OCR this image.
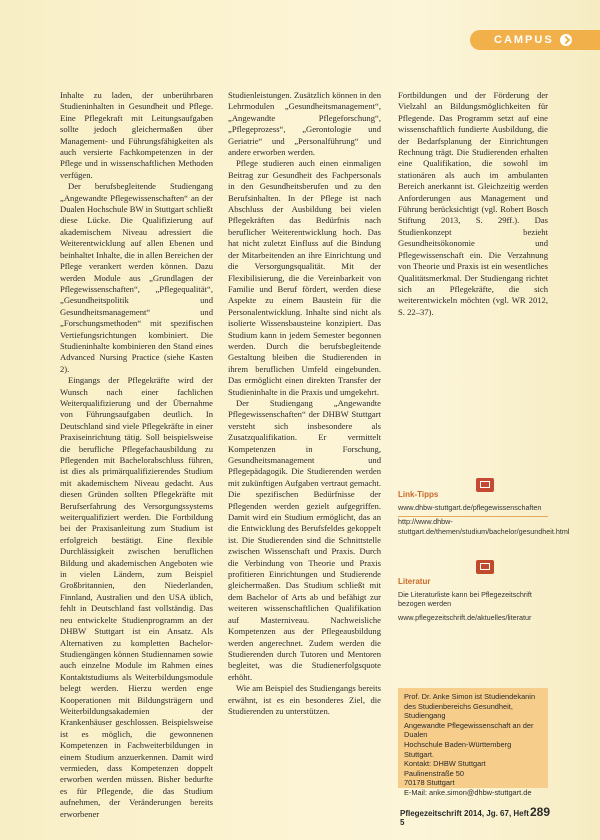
CAMPUS

Inhalte zu laden, der unberührbaren Studieninhalten in Gesundheit und Pflege. Eine Pflegekraft mit Leitungsaufgaben sollte jedoch gleichermaßen über Management- und Führungsfähigkeiten als auch versierte Fachkompetenzen in der Pflege und in wissenschaftlichen Methoden verfügen.

Der berufsbegleitende Studiengang „Angewandte Pflegewissenschaften“ an der Dualen Hochschule BW in Stuttgart schließt diese Lücke. Die Qualifizierung auf akademischem Niveau adressiert die Weiterentwicklung auf allen Ebenen und beinhaltet Inhalte, die in allen Bereichen der Pflege verankert werden können. Dazu werden Module aus „Grundlagen der Pflegewissenschaften“, „Pflegequalität“, „Gesundheitspolitik und Gesundheitsmanagement“ und „Forschungsmethoden“ mit spezifischen Vertiefungsrichtungen kombiniert. Die Studieninhalte kombinieren den Stand eines Advanced Nursing Practice (siehe Kasten 2).

Eingangs der Pflegekräfte wird der Wunsch nach einer fachlichen Weiterqualifizierung und der Übernahme von Führungsaufgaben deutlich. In Deutschland sind viele Pflegekräfte in einer Praxiseinrichtung tätig. Soll beispielsweise die berufliche Pflegefachausbildung zu Pflegenden mit Bachelorabschluss führen, ist dies als primärqualifizierendes Studium mit akademischem Niveau gedacht. Aus diesen Gründen sollten Pflegekräfte mit Berufserfahrung des Versorgungssystems weiterqualifiziert werden. Die Fortbildung bei der Praxisanleitung zum Studium ist erfolgreich bestätigt. Eine flexible Durchlässigkeit zwischen beruflichen Bildung und akademischen Angeboten wie in vielen Ländern, zum Beispiel Großbritannien, den Niederlanden, Finnland, Australien und den USA üblich, fehlt in Deutschland fast vollständig. Das neu entwickelte Studienprogramm an der DHBW Stuttgart ist ein Ansatz. Als Alternativen zu kompletten Bachelor-Studiengängen können Studiennamen sowie auch einzelne Module im Rahmen eines Kontaktstudiums als Weiterbildungsmodule belegt werden. Hierzu werden enge Kooperationen mit Bildungsträgern und Weiterbildungsakademien der Krankenhäuser geschlossen. Beispielsweise ist es möglich, die gewonnenen Kompetenzen in Fachweiterbildungen in einem Studium anzuerkennen. Damit wird vermieden, dass Kompetenzen doppelt erworben werden müssen. Bisher bedurfte es für Pflegende, die das Studium aufnehmen, der Veränderungen bereits erworbener

Studienleistungen. Zusätzlich können in den Lehrmodulen „Gesundheitsmanagement“, „Angewandte Pflegeforschung“, „Pflegeprozess“, „Gerontologie und Geriatrie“ und „Personalführung“ und andere erworben werden.

Pflege studieren auch einen einmaligen Beitrag zur Gesundheit des Fachpersonals in den Gesundheitsberufen und zu den Berufsinhalten. In der Pflege ist nach Abschluss der Ausbildung bei vielen Pflegekräften das Bedürfnis nach beruflicher Weiterentwicklung hoch. Das hat nicht zuletzt Einfluss auf die Bindung der Mitarbeitenden an ihre Einrichtung und die Versorgungsqualität. Mit der Flexibilisierung, die die Vereinbarkeit von Familie und Beruf fördert, werden diese Aspekte zu einem Baustein für die Personalentwicklung. Inhalte sind nicht als isolierte Wissensbausteine konzipiert. Das Studium kann in jedem Semester begonnen werden. Durch die berufsbegleitende Gestaltung bleiben die Studierenden in ihrem beruflichen Umfeld eingebunden. Das ermöglicht einen direkten Transfer der Studieninhalte in die Praxis und umgekehrt.

Der Studiengang „Angewandte Pflegewissenschaften“ der DHBW Stuttgart versteht sich insbesondere als Zusatzqualifikation. Er vermittelt Kompetenzen in Forschung, Gesundheitsmanagement und Pflegepädagogik. Die Studierenden werden mit zukünftigen Aufgaben vertraut gemacht. Die spezifischen Bedürfnisse der Pflegenden werden gezielt aufgegriffen. Damit wird ein Studium ermöglicht, das an die Entwicklung des Berufsfeldes gekoppelt ist. Die Studierenden sind die Schnittstelle zwischen Wissenschaft und Praxis. Durch die Verbindung von Theorie und Praxis profitieren Einrichtungen und Studierende gleichermaßen. Das Studium schließt mit dem Bachelor of Arts ab und befähigt zur weiteren wissenschaftlichen Qualifikation auf Masterniveau. Nachweisliche Kompetenzen aus der Pflegeausbildung werden angerechnet. Zudem werden die Studierenden durch Tutoren und Mentoren begleitet, was die Studienerfolgsquote erhöht.

Wie am Beispiel des Studiengangs bereits erwähnt, ist es ein besonderes Ziel, die Studierenden zu unterstützen.

Fortbildungen und der Förderung der Vielzahl an Bildungsmöglichkeiten für Pflegende. Das Programm setzt auf eine wissenschaftlich fundierte Ausbildung, die der Bedarfsplanung der Einrichtungen Rechnung trägt. Die Studierenden erhalten eine Qualifikation, die sowohl im stationären als auch im ambulanten Bereich anerkannt ist. Gleichzeitig werden Anforderungen aus Management und Führung berücksichtigt (vgl. Robert Bosch Stiftung 2013, S. 29ff.). Das Studienkonzept bezieht Gesundheitsökonomie und Pflegewissenschaft ein. Die Verzahnung von Theorie und Praxis ist ein wesentliches Qualitätsmerkmal. Der Studiengang richtet sich an Pflegekräfte, die sich weiterentwickeln möchten (vgl. WR 2012, S. 22–37).

Link-Tipps
www.dhbw-stuttgart.de/pflegewissenschaften
http://www.dhbw-stuttgart.de/themen/studium/bachelor/gesundheit.html
Literatur
Die Literaturliste kann bei Pflegezeitschrift bezogen werden
www.pflegezeitschrift.de/aktuelles/literatur

Prof. Dr. Anke Simon ist Studiendekanin

des Studienbereichs Gesundheit, Studiengang

Angewandte Pflegewissenschaft an der Dualen

Hochschule Baden-Württemberg Stuttgart.

Kontakt: DHBW Stuttgart

Paulinenstraße 50

70178 Stuttgart

E-Mail: anke.simon@dhbw-stuttgart.de

Pflegezeitschrift 2014, Jg. 67, Heft 5
289
